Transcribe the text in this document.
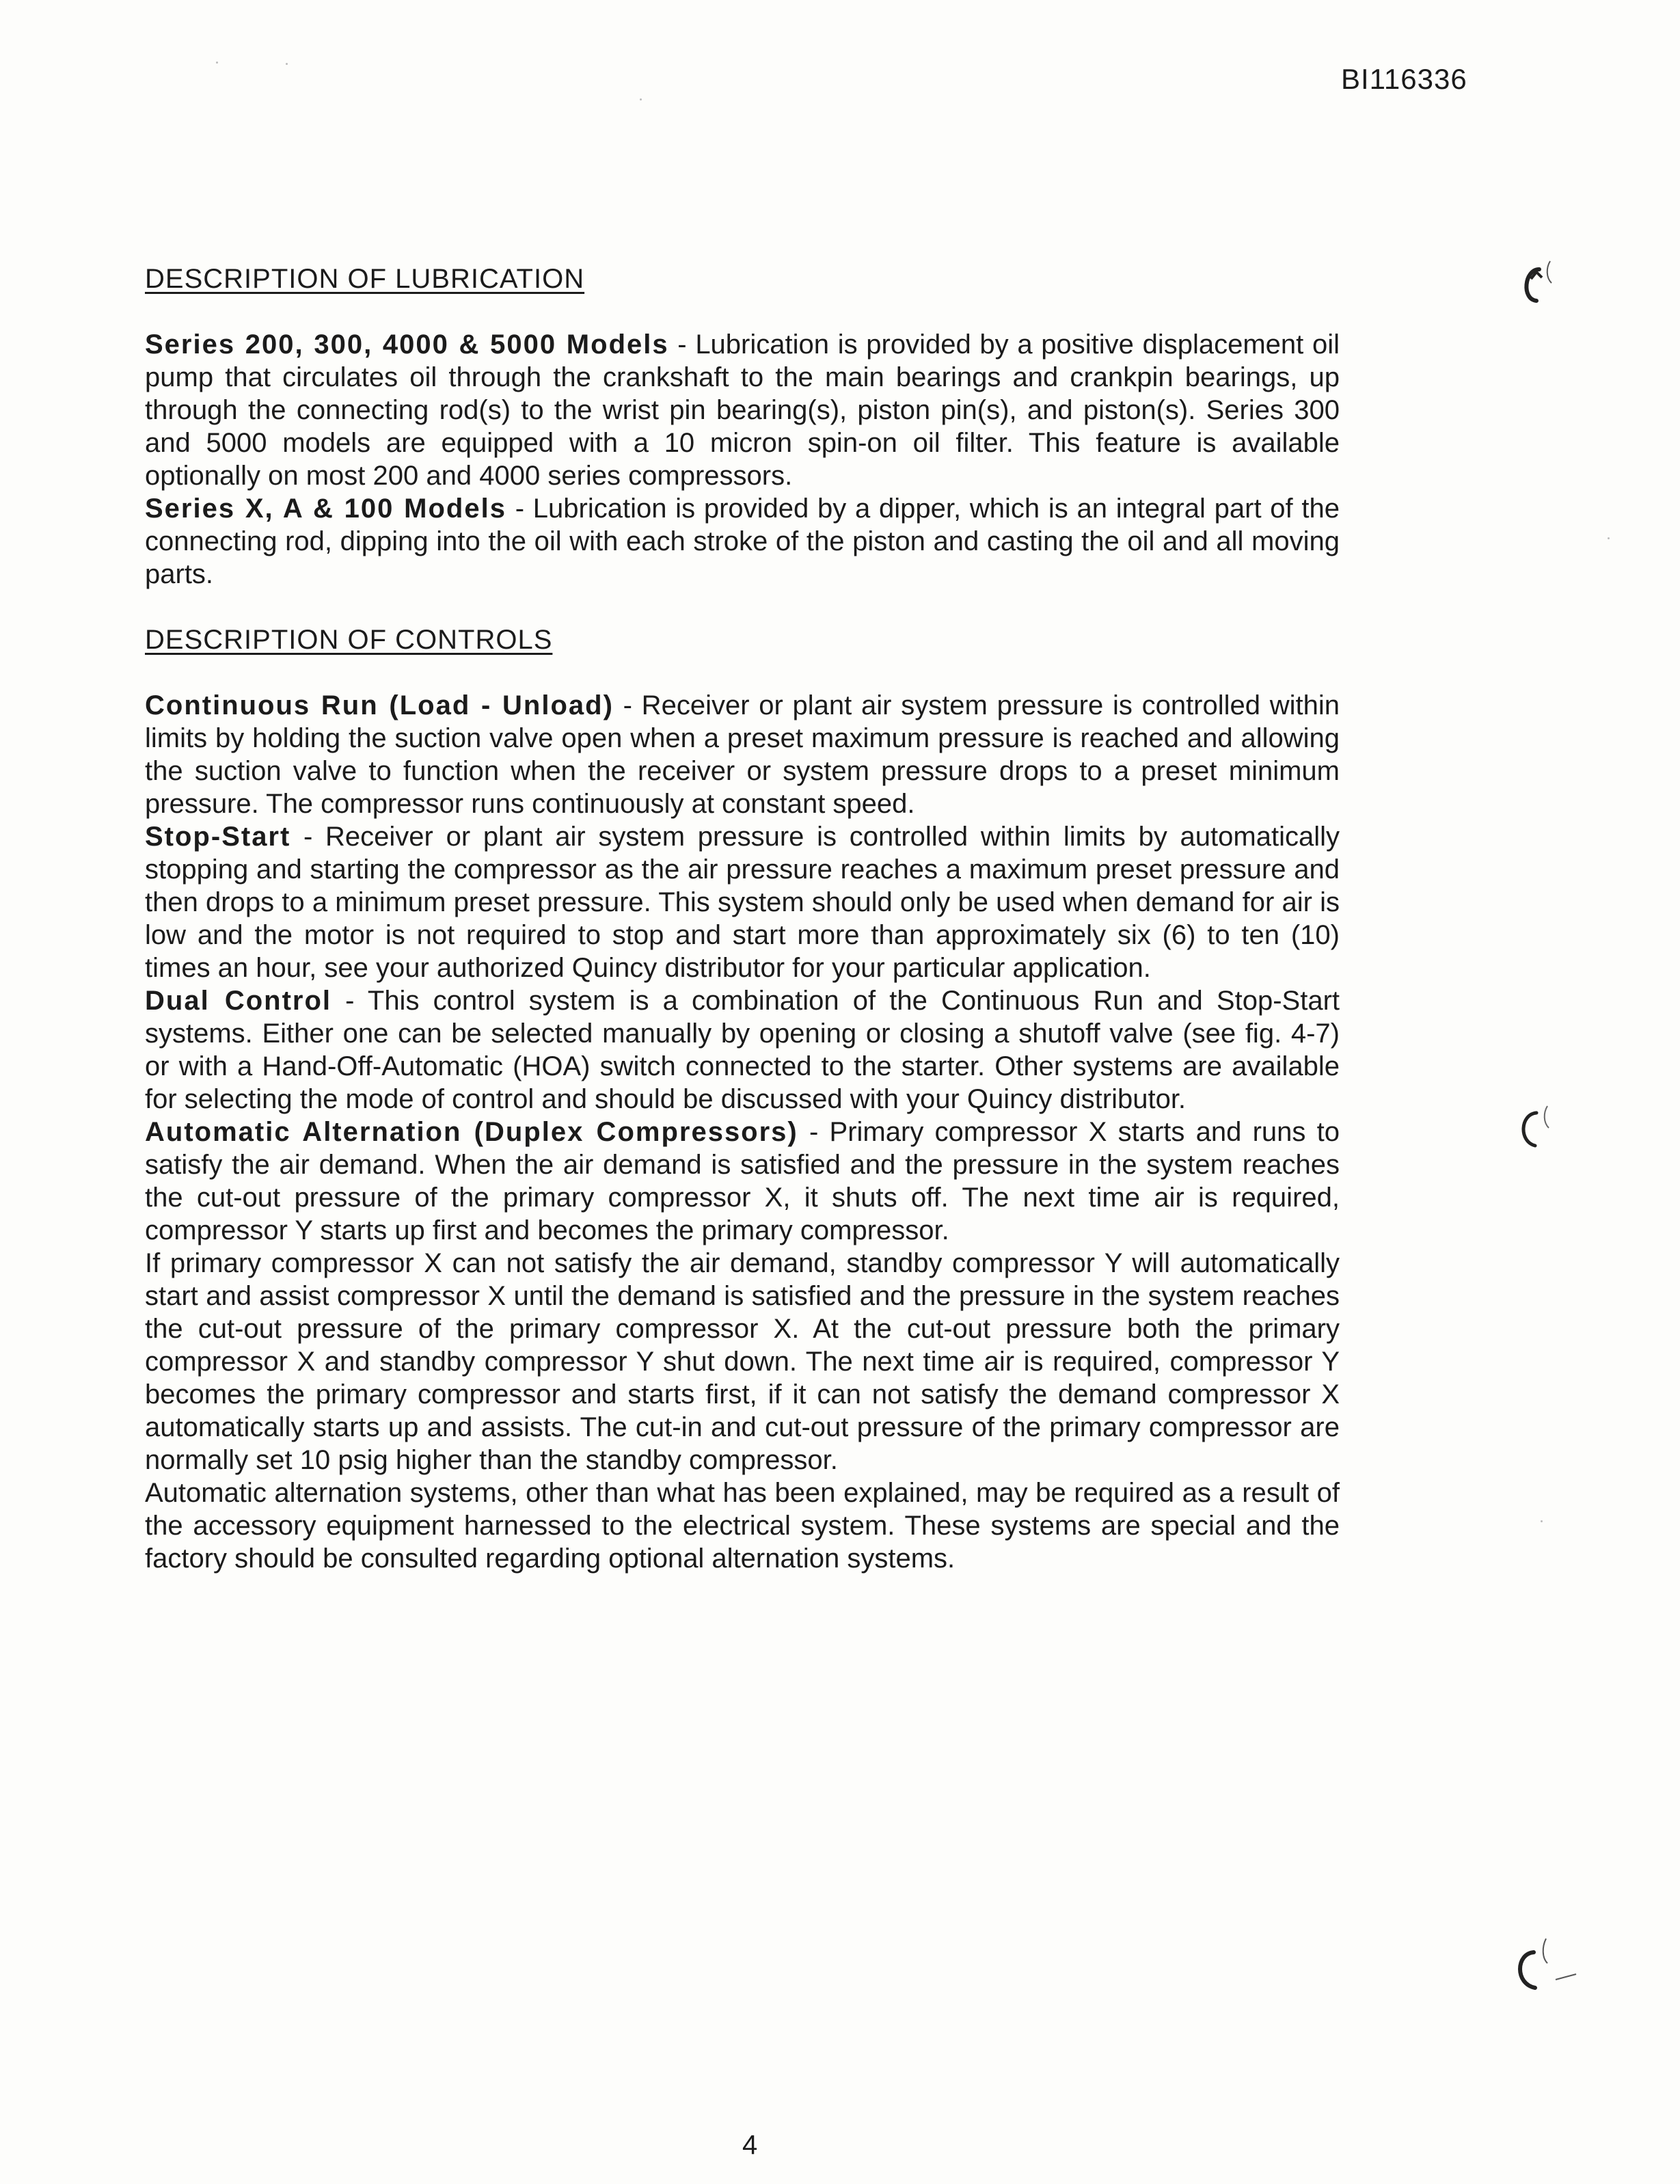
BI116336
DESCRIPTION OF LUBRICATION

Series 200, 300, 4000 & 5000 Models - Lubrication is provided by a positive displacement oil pump that circulates oil through the crankshaft to the main bearings and crankpin bearings, up through the connecting rod(s) to the wrist pin bearing(s), piston pin(s), and piston(s). Series 300 and 5000 models are equipped with a 10 micron spin-on oil filter. This feature is available optionally on most 200 and 4000 series compressors.

Series X, A & 100 Models - Lubrication is provided by a dipper, which is an integral part of the connecting rod, dipping into the oil with each stroke of the piston and casting the oil and all moving parts.

DESCRIPTION OF CONTROLS

Continuous Run (Load - Unload) - Receiver or plant air system pressure is controlled within limits by holding the suction valve open when a preset maximum pressure is reached and allowing the suction valve to function when the receiver or system pressure drops to a preset minimum pressure. The compressor runs continuously at constant speed.

Stop-Start - Receiver or plant air system pressure is controlled within limits by automatically stopping and starting the compressor as the air pressure reaches a maximum preset pressure and then drops to a minimum preset pressure. This system should only be used when demand for air is low and the motor is not required to stop and start more than approximately six (6) to ten (10) times an hour, see your authorized Quincy distributor for your particular application.

Dual Control - This control system is a combination of the Continuous Run and Stop-Start systems. Either one can be selected manually by opening or closing a shutoff valve (see fig. 4-7) or with a Hand-Off-Automatic (HOA) switch connected to the starter. Other systems are available for selecting the mode of control and should be discussed with your Quincy distributor.

Automatic Alternation (Duplex Compressors) - Primary compressor X starts and runs to satisfy the air demand. When the air demand is satisfied and the pressure in the system reaches the cut-out pressure of the primary compressor X, it shuts off. The next time air is required, compressor Y starts up first and becomes the primary compressor.

If primary compressor X can not satisfy the air demand, standby compressor Y will automatically start and assist compressor X until the demand is satisfied and the pressure in the system reaches the cut-out pressure of the primary compressor X. At the cut-out pressure both the primary compressor X and standby compressor Y shut down. The next time air is required, compressor Y becomes the primary compressor and starts first, if it can not satisfy the demand compressor X automatically starts up and assists. The cut-in and cut-out pressure of the primary compressor are normally set 10 psig higher than the standby compressor.

Automatic alternation systems, other than what has been explained, may be required as a result of the accessory equipment harnessed to the electrical system. These systems are special and the factory should be consulted regarding optional alternation systems.

4
